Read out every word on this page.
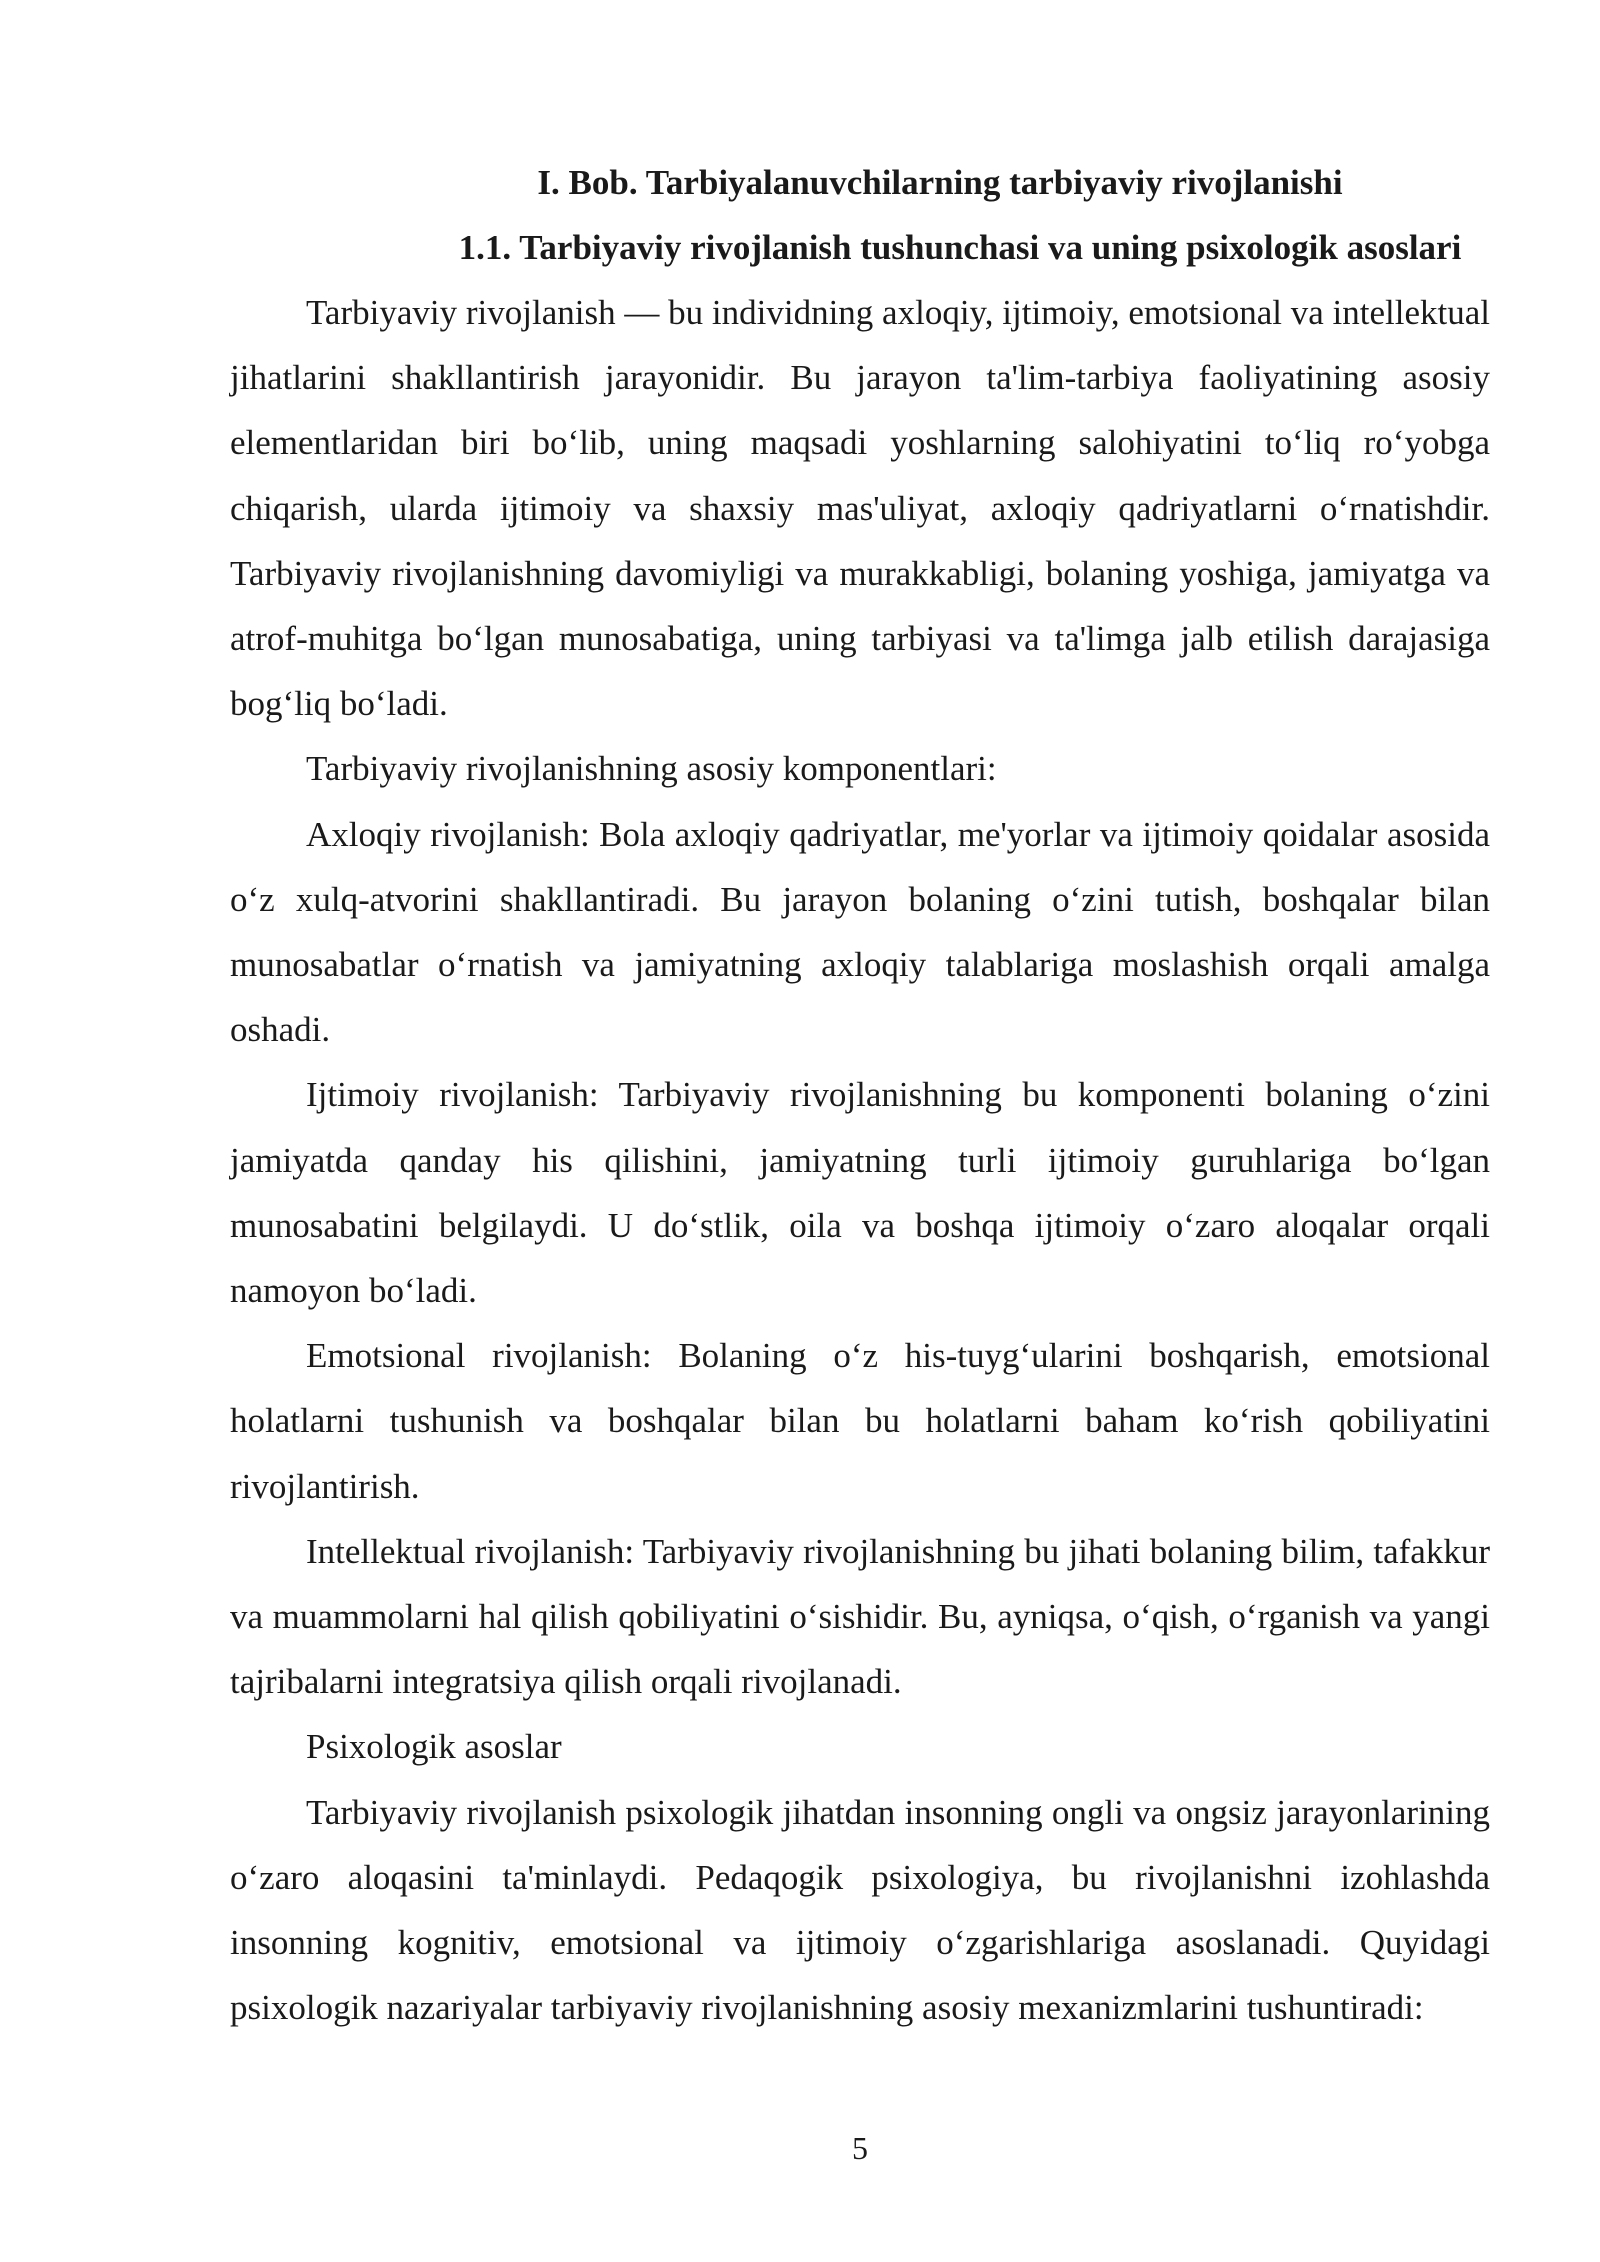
I. Bob. Tarbiyalanuvchilarning tarbiyaviy rivojlanishi
1.1. Tarbiyaviy rivojlanish tushunchasi va uning psixologik asoslari

Tarbiyaviy rivojlanish — bu individning axloqiy, ijtimoiy, emotsional va intellektual jihatlarini shakllantirish jarayonidir. Bu jarayon ta'lim-tarbiya faoliyatining asosiy elementlaridan biri bo‘lib, uning maqsadi yoshlarning salohiyatini to‘liq ro‘yobga chiqarish, ularda ijtimoiy va shaxsiy mas'uliyat, axloqiy qadriyatlarni o‘rnatishdir. Tarbiyaviy rivojlanishning davomiyligi va murakkabligi, bolaning yoshiga, jamiyatga va atrof-muhitga bo‘lgan munosabatiga, uning tarbiyasi va ta'limga jalb etilish darajasiga bog‘liq bo‘ladi.

Tarbiyaviy rivojlanishning asosiy komponentlari:

Axloqiy rivojlanish: Bola axloqiy qadriyatlar, me'yorlar va ijtimoiy qoidalar asosida o‘z xulq-atvorini shakllantiradi. Bu jarayon bolaning o‘zini tutish, boshqalar bilan munosabatlar o‘rnatish va jamiyatning axloqiy talablariga moslashish orqali amalga oshadi.

Ijtimoiy rivojlanish: Tarbiyaviy rivojlanishning bu komponenti bolaning o‘zini jamiyatda qanday his qilishini, jamiyatning turli ijtimoiy guruhlariga bo‘lgan munosabatini belgilaydi. U do‘stlik, oila va boshqa ijtimoiy o‘zaro aloqalar orqali namoyon bo‘ladi.

Emotsional rivojlanish: Bolaning o‘z his-tuyg‘ularini boshqarish, emotsional holatlarni tushunish va boshqalar bilan bu holatlarni baham ko‘rish qobiliyatini rivojlantirish.

Intellektual rivojlanish: Tarbiyaviy rivojlanishning bu jihati bolaning bilim, tafakkur va muammolarni hal qilish qobiliyatini o‘sishidir. Bu, ayniqsa, o‘qish, o‘rganish va yangi tajribalarni integratsiya qilish orqali rivojlanadi.

Psixologik asoslar

Tarbiyaviy rivojlanish psixologik jihatdan insonning ongli va ongsiz jarayonlarining o‘zaro aloqasini ta'minlaydi. Pedaqogik psixologiya, bu rivojlanishni izohlashda insonning kognitiv, emotsional va ijtimoiy o‘zgarishlariga asoslanadi. Quyidagi psixologik nazariyalar tarbiyaviy rivojlanishning asosiy mexanizmlarini tushuntiradi:

5
